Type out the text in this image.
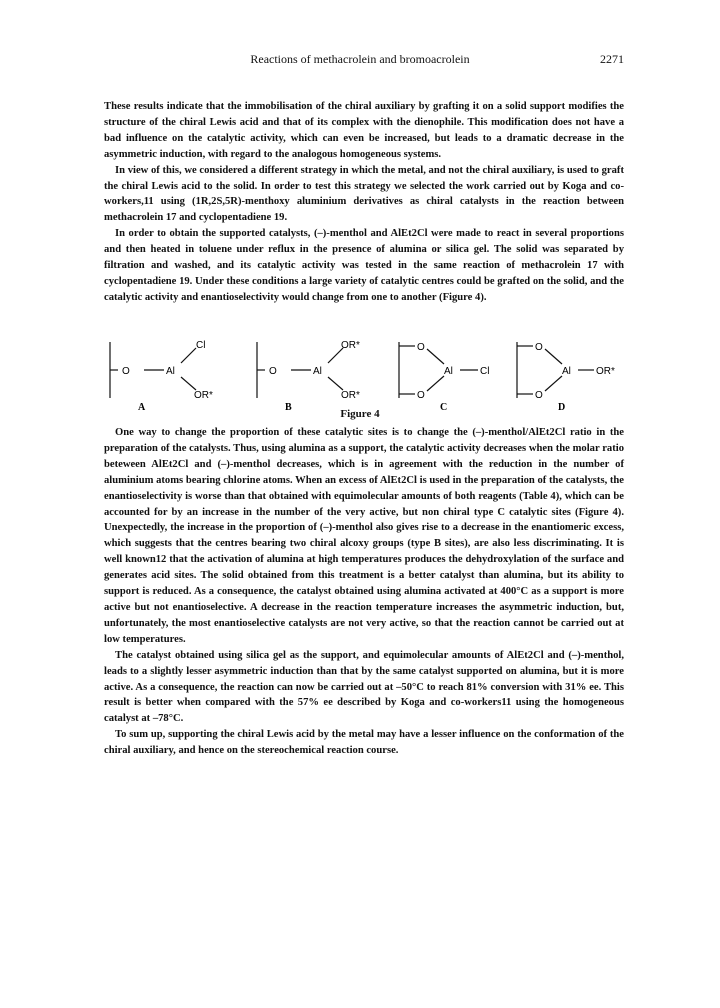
Reactions of methacrolein and bromoacrolein	2271

These results indicate that the immobilisation of the chiral auxiliary by grafting it on a solid support modifies the structure of the chiral Lewis acid and that of its complex with the dienophile. This modification does not have a bad influence on the catalytic activity, which can even be increased, but leads to a dramatic decrease in the asymmetric induction, with regard to the analogous homogeneous systems.

In view of this, we considered a different strategy in which the metal, and not the chiral auxiliary, is used to graft the chiral Lewis acid to the solid. In order to test this strategy we selected the work carried out by Koga and co-workers,11 using (1R,2S,5R)-menthoxy aluminium derivatives as chiral catalysts in the reaction between methacrolein 17 and cyclopentadiene 19.

In order to obtain the supported catalysts, (–)-menthol and AlEt2Cl were made to react in several proportions and then heated in toluene under reflux in the presence of alumina or silica gel. The solid was separated by filtration and washed, and its catalytic activity was tested in the same reaction of methacrolein 17 with cyclopentadiene 19. Under these conditions a large variety of catalytic centres could be grafted on the solid, and the catalytic activity and enantioselectivity would change from one to another (Figure 4).

O	Al
Cl
OR*
O	Al
OR*
OR*
O
O
Al	Cl
O
O
Al	OR*
A	B	C	D
Figure 4

One way to change the proportion of these catalytic sites is to change the (–)-menthol/AlEt2Cl ratio in the preparation of the catalysts. Thus, using alumina as a support, the catalytic activity decreases when the molar ratio beteween AlEt2Cl and (–)-menthol decreases, which is in agreement with the reduction in the number of aluminium atoms bearing chlorine atoms. When an excess of AlEt2Cl is used in the preparation of the catalysts, the enantioselectivity is worse than that obtained with equimolecular amounts of both reagents (Table 4), which can be accounted for by an increase in the number of the very active, but non chiral type C catalytic sites (Figure 4). Unexpectedly, the increase in the proportion of (–)-menthol also gives rise to a decrease in the enantiomeric excess, which suggests that the centres bearing two chiral alcoxy groups (type B sites), are also less discriminating. It is well known12 that the activation of alumina at high temperatures produces the dehydroxylation of the surface and generates acid sites. The solid obtained from this treatment is a better catalyst than alumina, but its ability to support is reduced. As a consequence, the catalyst obtained using alumina activated at 400°C as a support is more active but not enantioselective. A decrease in the reaction temperature increases the asymmetric induction, but, unfortunately, the most enantioselective catalysts are not very active, so that the reaction cannot be carried out at low temperatures.

The catalyst obtained using silica gel as the support, and equimolecular amounts of AlEt2Cl and (–)-menthol, leads to a slightly lesser asymmetric induction than that by the same catalyst supported on alumina, but it is more active. As a consequence, the reaction can now be carried out at –50°C to reach 81% conversion with 31% ee. This result is better when compared with the 57% ee described by Koga and co-workers11 using the homogeneous catalyst at –78°C.

To sum up, supporting the chiral Lewis acid by the metal may have a lesser influence on the conformation of the chiral auxiliary, and hence on the stereochemical reaction course.
